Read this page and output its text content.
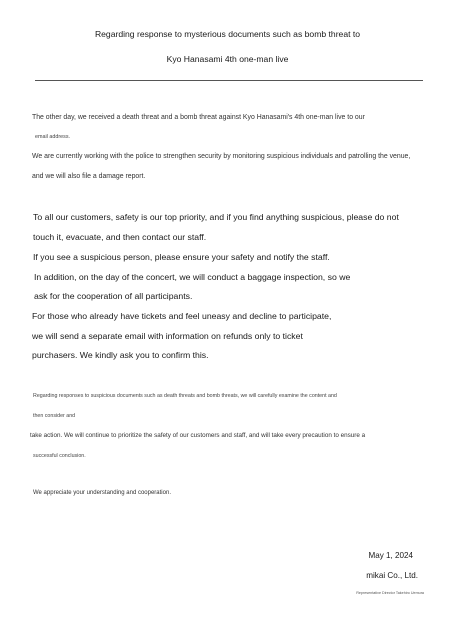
Regarding response to mysterious documents such as bomb threat to
Kyo Hanasami 4th one-man live
The other day, we received a death threat and a bomb threat against Kyo Hanasami's 4th one-man live to our
email address.
We are currently working with the police to strengthen security by monitoring suspicious individuals and patrolling the venue,
and we will also file a damage report.
To all our customers, safety is our top priority, and if you find anything suspicious, please do not
touch it, evacuate, and then contact our staff.
If you see a suspicious person, please ensure your safety and notify the staff.
In addition, on the day of the concert, we will conduct a baggage inspection, so we
ask for the cooperation of all participants.
For those who already have tickets and feel uneasy and decline to participate,
we will send a separate email with information on refunds only to ticket
purchasers. We kindly ask you to confirm this.
Regarding responses to suspicious documents such as death threats and bomb threats, we will carefully examine the content and
then consider and
take action. We will continue to prioritize the safety of our customers and staff, and will take every precaution to ensure a
successful conclusion.
We appreciate your understanding and cooperation.
May 1, 2024
mikai Co., Ltd.
Representative Director Takehiro Uemura
